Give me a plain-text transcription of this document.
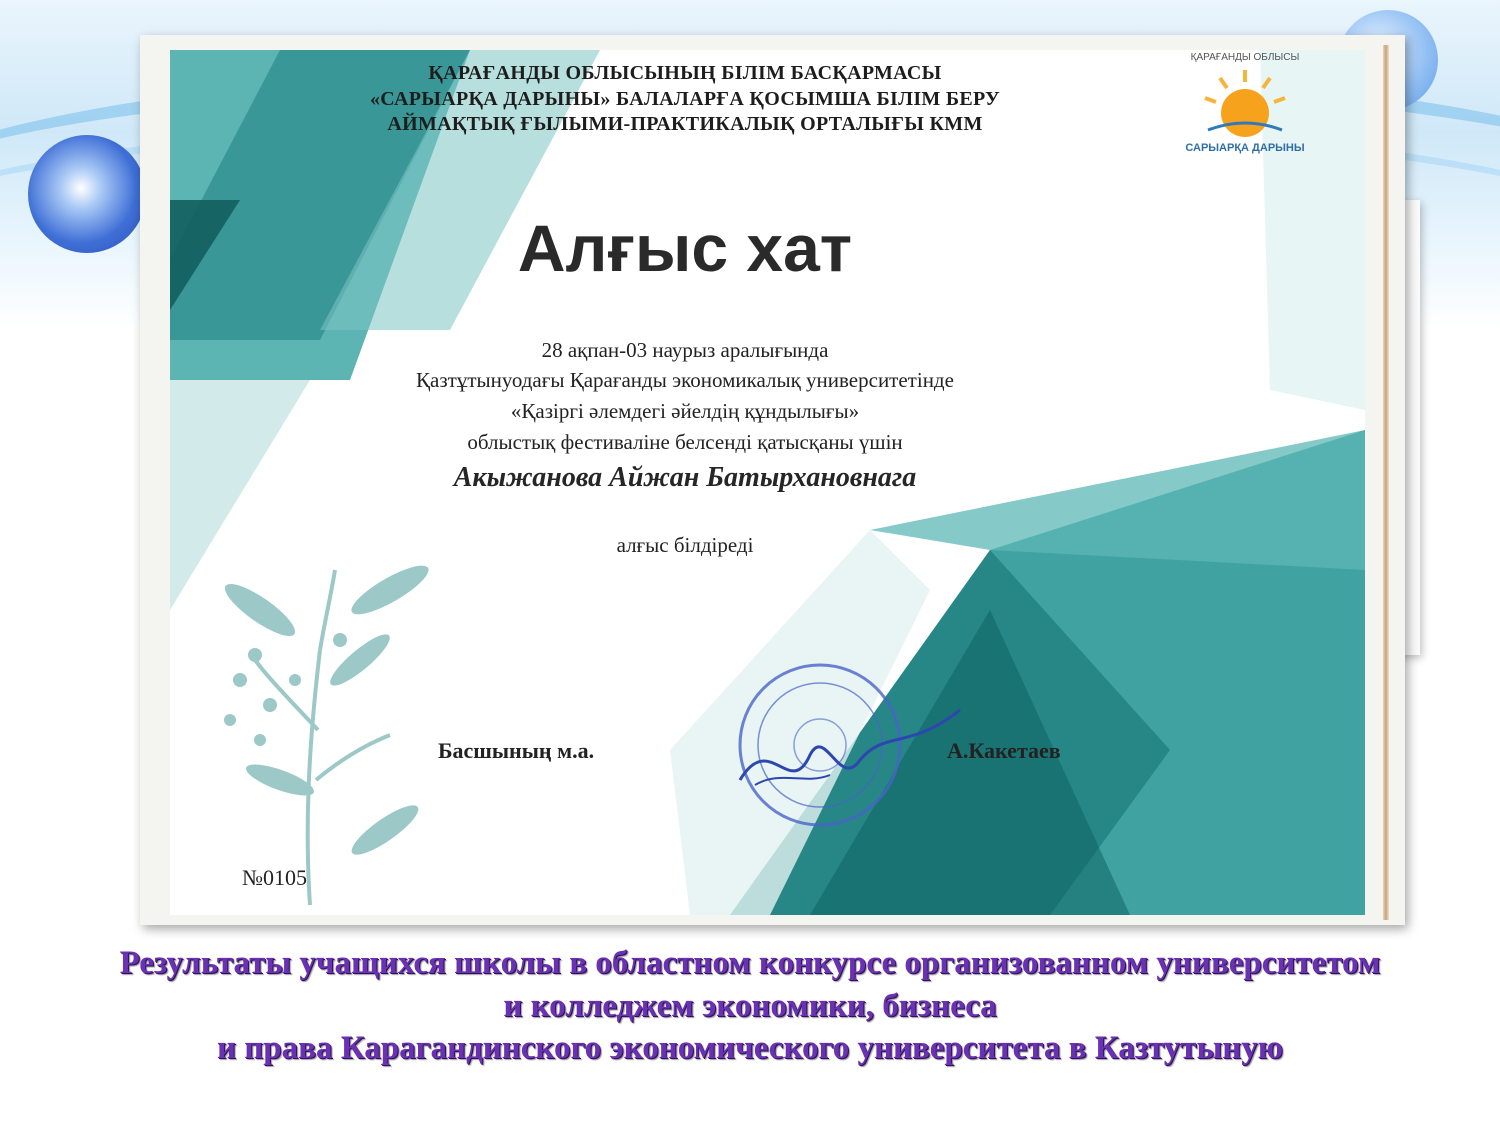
ҚАРАҒАНДЫ ОБЛЫСЫ
САРЫАРҚА ДАРЫНЫ
ҚАРАҒАНДЫ ОБЛЫСЫНЫҢ БІЛІМ БАСҚАРМАСЫ
«САРЫАРҚА ДАРЫНЫ» БАЛАЛАРҒА ҚОСЫМША БІЛІМ БЕРУ
АЙМАҚТЫҚ ҒЫЛЫМИ-ПРАКТИКАЛЫҚ ОРТАЛЫҒЫ КММ
Алғыс хат
28 ақпан-03 наурыз аралығында
Қазтұтынуодағы Қарағанды экономикалық университетінде
«Қазіргі әлемдегі әйелдің құндылығы»
облыстық фестиваліне белсенді қатысқаны үшін
Акыжанова Айжан Батырхановнага
алғыс білдіреді
Басшының м.а.	А.Какетаев
№0105
Результаты учащихся школы в областном конкурсе организованном университетом
и колледжем экономики, бизнеса
и права Карагандинского экономического университета в Казтутыную
